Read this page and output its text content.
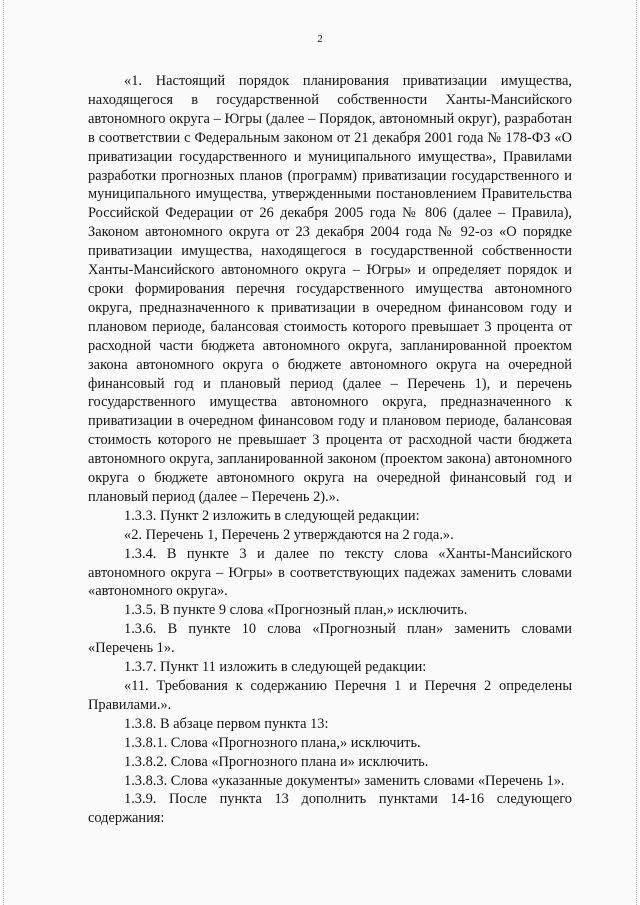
2

«1. Настоящий порядок планирования приватизации имущества, находящегося в государственной собственности Ханты-Мансийского автономного округа – Югры (далее – Порядок, автономный округ), разработан в соответствии с Федеральным законом от 21 декабря 2001 года № 178-ФЗ «О приватизации государственного и муниципального имущества», Правилами разработки прогнозных планов (программ) приватизации государственного и муниципального имущества, утвержденными постановлением Правительства Российской Федерации от 26 декабря 2005 года № 806 (далее – Правила), Законом автономного округа от 23 декабря 2004 года № 92-оз «О порядке приватизации имущества, находящегося в государственной собственности Ханты-Мансийского автономного округа – Югры» и определяет порядок и сроки формирования перечня государственного имущества автономного округа, предназначенного к приватизации в очередном финансовом году и плановом периоде, балансовая стоимость которого превышает 3 процента от расходной части бюджета автономного округа, запланированной проектом закона автономного округа о бюджете автономного округа на очередной финансовый год и плановый период (далее – Перечень 1), и перечень государственного имущества автономного округа, предназначенного к приватизации в очередном финансовом году и плановом периоде, балансовая стоимость которого не превышает 3 процента от расходной части бюджета автономного округа, запланированной законом (проектом закона) автономного округа о бюджете автономного округа на очередной финансовый год и плановый период (далее – Перечень 2).».

1.3.3. Пункт 2 изложить в следующей редакции:

«2. Перечень 1, Перечень 2 утверждаются на 2 года.».

1.3.4. В пункте 3 и далее по тексту слова «Ханты-Мансийского автономного округа – Югры» в соответствующих падежах заменить словами «автономного округа».

1.3.5. В пункте 9 слова «Прогнозный план,» исключить.

1.3.6. В пункте 10 слова «Прогнозный план» заменить словами «Перечень 1».

1.3.7. Пункт 11 изложить в следующей редакции:

«11. Требования к содержанию Перечня 1 и Перечня 2 определены Правилами.».

1.3.8. В абзаце первом пункта 13:

1.3.8.1. Слова «Прогнозного плана,» исключить.

1.3.8.2. Слова «Прогнозного плана и» исключить.

1.3.8.3. Слова «указанные документы» заменить словами «Перечень 1».

1.3.9. После пункта 13 дополнить пунктами 14-16 следующего содержания:
